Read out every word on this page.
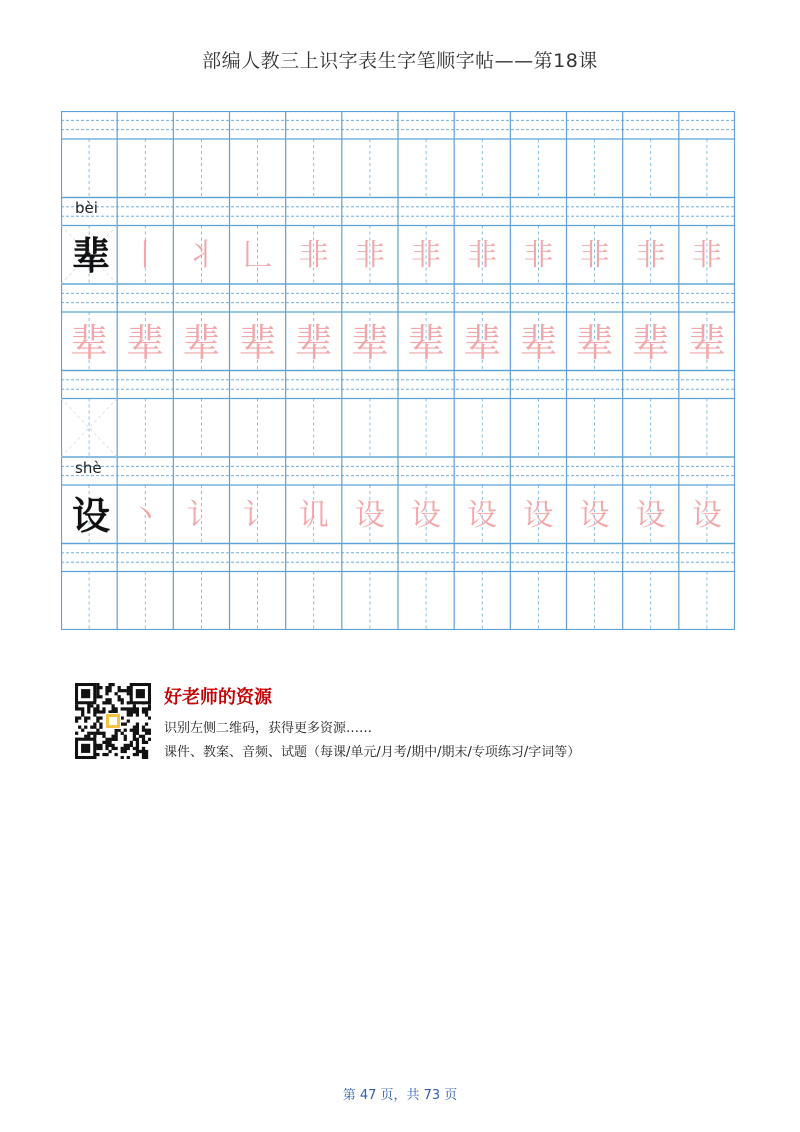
部编人教三上识字表生字笔顺字帖——第18课
bèi
辈
shè
设
丨 丬 𠃊 非 非 非 非 非 非 非 非
辈 辈 辈 辈 辈 辈 辈 辈 辈 辈 辈 辈
丶 讠 讠 讥 设 设 设 设 设 设 设
好老师的资源
识别左侧二维码，获得更多资源……
课件、教案、音频、试题（每课/单元/月考/期中/期末/专项练习/字词等）
第 47 页，共 73 页
